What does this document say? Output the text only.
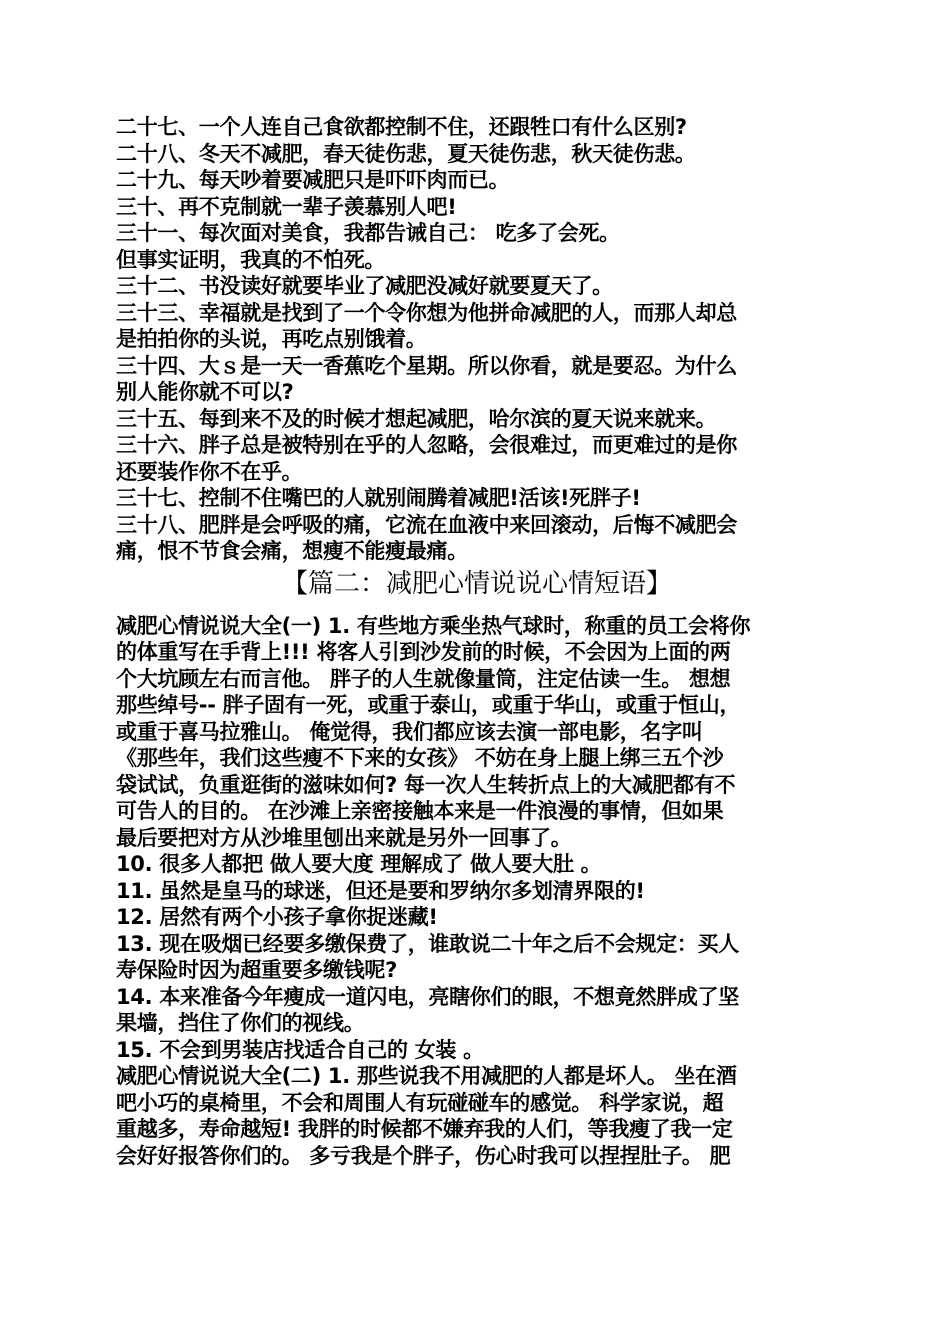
二十七、一个人连自己食欲都控制不住，还跟牲口有什么区别?
二十八、冬天不减肥，春天徒伤悲，夏天徒伤悲，秋天徒伤悲。
二十九、每天吵着要减肥只是吓吓肉而已。
三十、再不克制就一辈子羡慕别人吧!
三十一、每次面对美食，我都告诫自己： 吃多了会死。
但事实证明，我真的不怕死。
三十二、书没读好就要毕业了减肥没减好就要夏天了。
三十三、幸福就是找到了一个令你想为他拼命减肥的人，而那人却总
是拍拍你的头说，再吃点别饿着。
三十四、大ｓ是一天一香蕉吃个星期。所以你看，就是要忍。为什么
别人能你就不可以?
三十五、每到来不及的时候才想起减肥，哈尔滨的夏天说来就来。
三十六、胖子总是被特别在乎的人忽略，会很难过，而更难过的是你
还要装作你不在乎。
三十七、控制不住嘴巴的人就别闹腾着减肥!活该!死胖子!
三十八、肥胖是会呼吸的痛，它流在血液中来回滚动，后悔不减肥会
痛，恨不节食会痛，想瘦不能瘦最痛。
【篇二：减肥心情说说心情短语】
减肥心情说说大全(一) 1. 有些地方乘坐热气球时，称重的员工会将你
的体重写在手背上!!! 将客人引到沙发前的时候，不会因为上面的两
个大坑顾左右而言他。 胖子的人生就像量筒，注定估读一生。 想想
那些绰号-- 胖子固有一死，或重于泰山，或重于华山，或重于恒山，
或重于喜马拉雅山。 俺觉得，我们都应该去演一部电影，名字叫
《那些年，我们这些瘦不下来的女孩》 不妨在身上腿上绑三五个沙
袋试试，负重逛街的滋味如何? 每一次人生转折点上的大减肥都有不
可告人的目的。 在沙滩上亲密接触本来是一件浪漫的事情，但如果
最后要把对方从沙堆里刨出来就是另外一回事了。
10. 很多人都把 做人要大度 理解成了 做人要大肚 。
11. 虽然是皇马的球迷，但还是要和罗纳尔多划清界限的!
12. 居然有两个小孩子拿你捉迷藏!
13. 现在吸烟已经要多缴保费了，谁敢说二十年之后不会规定：买人
寿保险时因为超重要多缴钱呢?
14. 本来准备今年瘦成一道闪电，亮瞎你们的眼，不想竟然胖成了坚
果墙，挡住了你们的视线。
15. 不会到男装店找适合自己的 女装 。
减肥心情说说大全(二) 1. 那些说我不用减肥的人都是坏人。 坐在酒
吧小巧的桌椅里，不会和周围人有玩碰碰车的感觉。 科学家说，超
重越多，寿命越短! 我胖的时候都不嫌弃我的人们，等我瘦了我一定
会好好报答你们的。 多亏我是个胖子，伤心时我可以捏捏肚子。 肥
